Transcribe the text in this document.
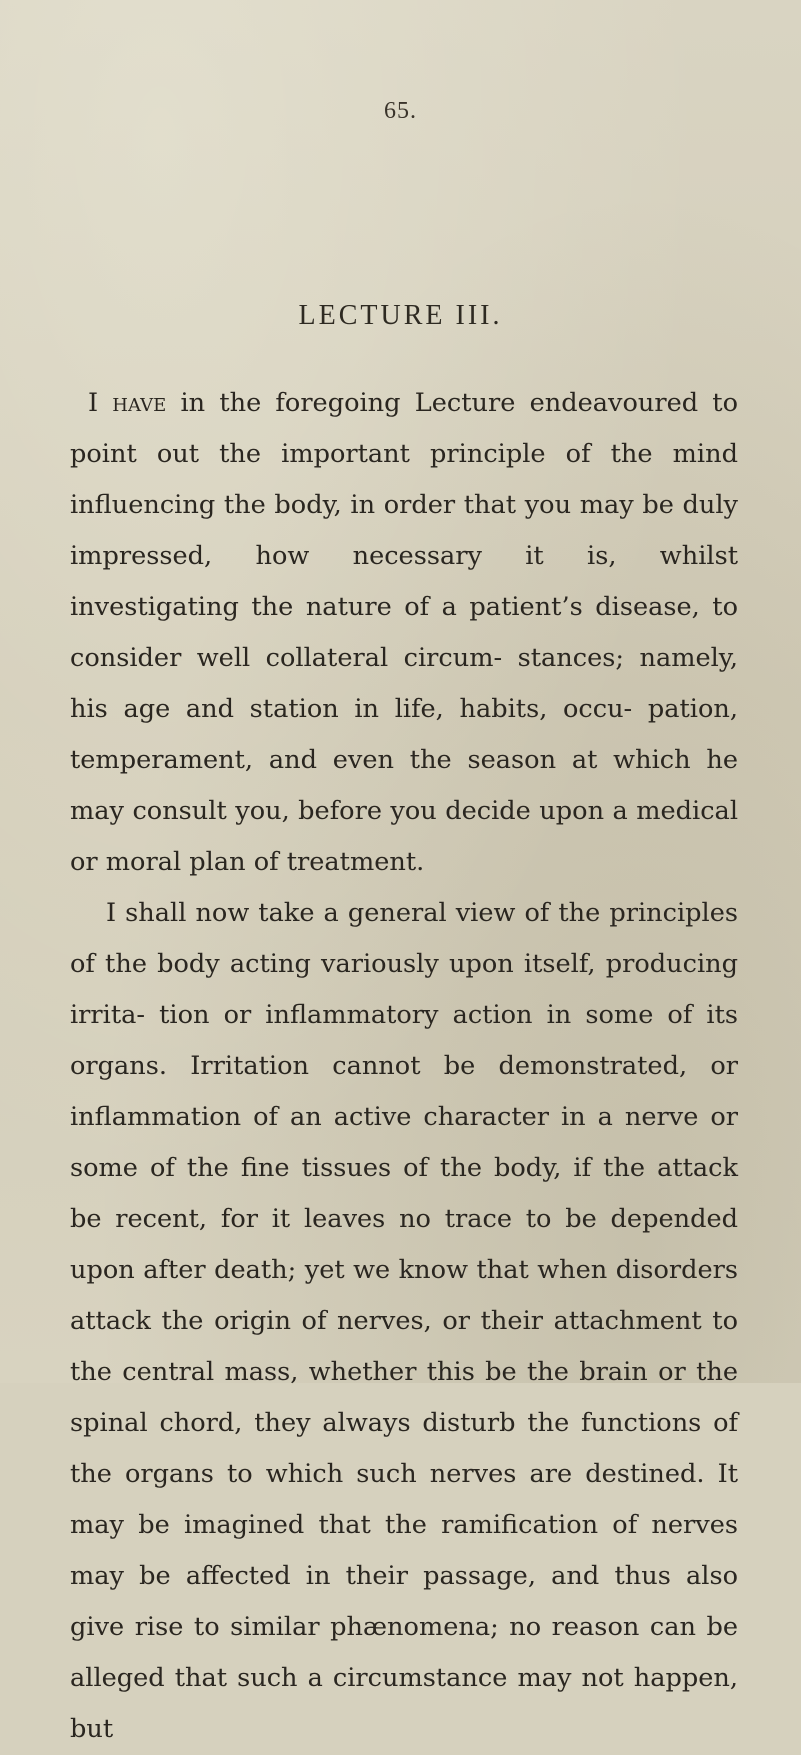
65.
LECTURE III.

I have in the foregoing Lecture endeavoured to point out the important principle of the mind influencing the body, in order that you may be duly impressed, how necessary it is, whilst investigating the nature of a patient’s disease, to consider well collateral circum- stances; namely, his age and station in life, habits, occu- pation, temperament, and even the season at which he may consult you, before you decide upon a medical or moral plan of treatment.

I shall now take a general view of the principles of the body acting variously upon itself, producing irrita- tion or inflammatory action in some of its organs. Irritation cannot be demonstrated, or inflammation of an active character in a nerve or some of the fine tissues of the body, if the attack be recent, for it leaves no trace to be depended upon after death; yet we know that when disorders attack the origin of nerves, or their attachment to the central mass, whether this be the brain or the spinal chord, they always disturb the functions of the organs to which such nerves are destined. It may be imagined that the ramification of nerves may be affected in their passage, and thus also give rise to similar phænomena; no reason can be alleged that such a circumstance may not happen, but
